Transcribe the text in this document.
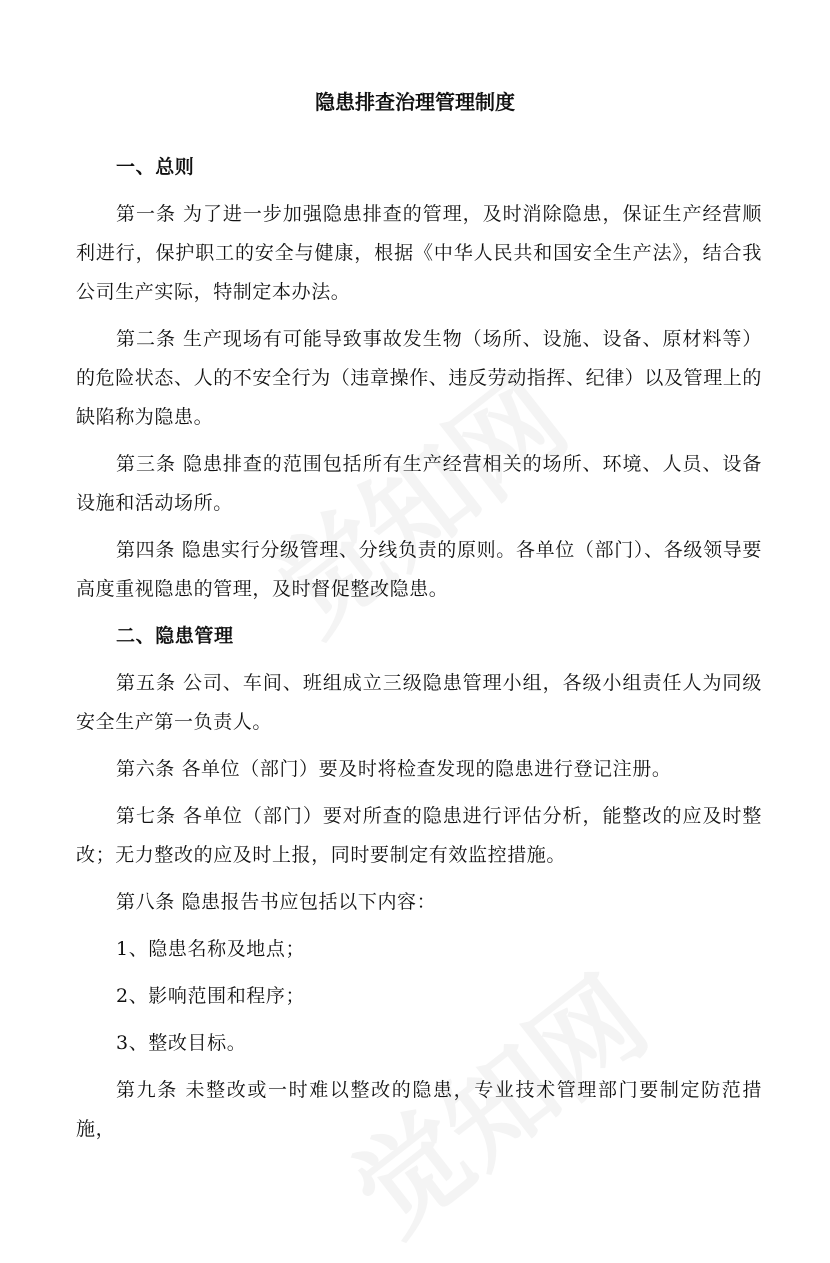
隐患排查治理管理制度

一、总则

第一条 为了进一步加强隐患排查的管理，及时消除隐患，保证生产经营顺利进行，保护职工的安全与健康，根据《中华人民共和国安全生产法》，结合我公司生产实际，特制定本办法。

第二条 生产现场有可能导致事故发生物（场所、设施、设备、原材料等）的危险状态、人的不安全行为（违章操作、违反劳动指挥、纪律）以及管理上的缺陷称为隐患。

第三条 隐患排查的范围包括所有生产经营相关的场所、环境、人员、设备设施和活动场所。

第四条 隐患实行分级管理、分线负责的原则。各单位（部门）、各级领导要高度重视隐患的管理，及时督促整改隐患。

二、隐患管理

第五条 公司、车间、班组成立三级隐患管理小组，各级小组责任人为同级安全生产第一负责人。

第六条 各单位（部门）要及时将检查发现的隐患进行登记注册。

第七条 各单位（部门）要对所查的隐患进行评估分析，能整改的应及时整改；无力整改的应及时上报，同时要制定有效监控措施。

第八条 隐患报告书应包括以下内容：

1、隐患名称及地点；

2、影响范围和程序；

3、整改目标。

第九条 未整改或一时难以整改的隐患，专业技术管理部门要制定防范措施，
